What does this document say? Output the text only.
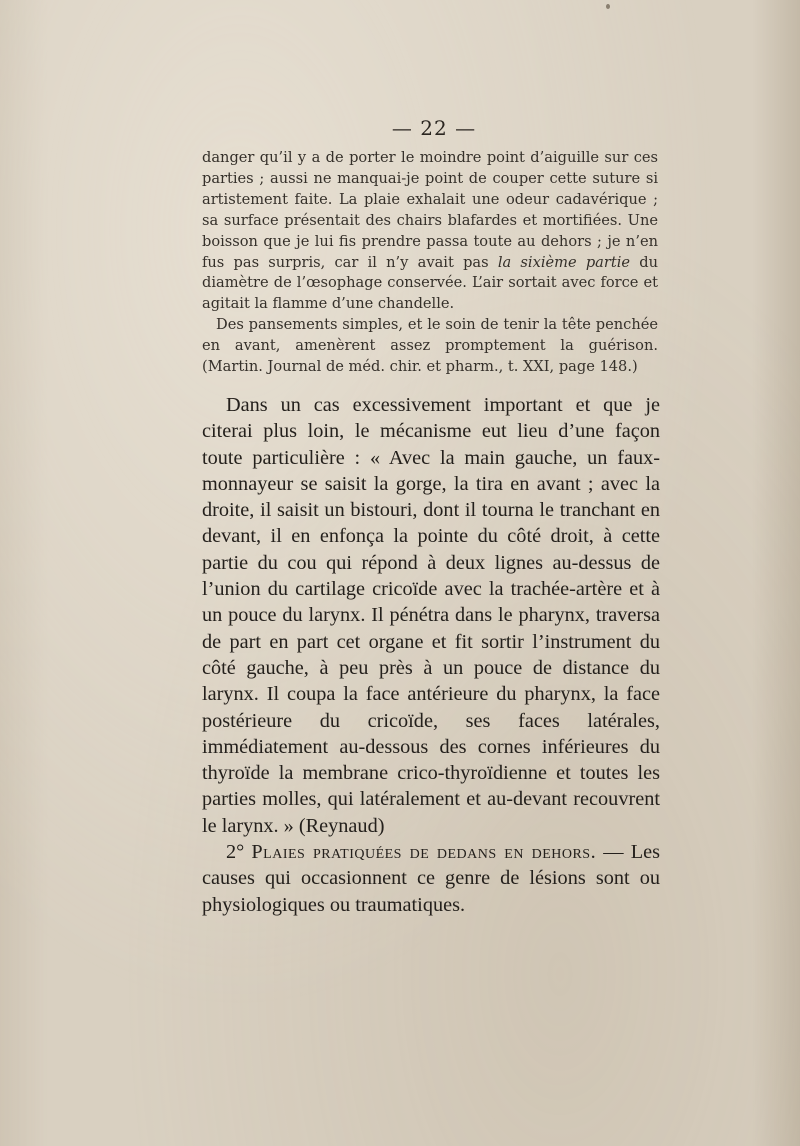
— 22 —

danger qu’il y a de porter le moindre point d’aiguille sur ces parties ; aussi ne manquai-je point de couper cette suture si artistement faite. La plaie exhalait une odeur cadavérique ; sa surface présentait des chairs blafardes et mortifiées. Une boisson que je lui fis prendre passa toute au dehors ; je n’en fus pas surpris, car il n’y avait pas la sixième partie du diamètre de l’œsophage conservée. L’air sortait avec force et agitait la flamme d’une chandelle.

Des pansements simples, et le soin de tenir la tête penchée en avant, amenèrent assez promptement la guérison. (Martin. Journal de méd. chir. et pharm., t. XXI, page 148.)

Dans un cas excessivement important et que je citerai plus loin, le mécanisme eut lieu d’une façon toute particulière : « Avec la main gauche, un faux-monnayeur se saisit la gorge, la tira en avant ; avec la droite, il saisit un bistouri, dont il tourna le tranchant en devant, il en enfonça la pointe du côté droit, à cette partie du cou qui répond à deux lignes au-dessus de l’union du cartilage cricoïde avec la trachée-artère et à un pouce du larynx. Il pénétra dans le pharynx, traversa de part en part cet organe et fit sortir l’instrument du côté gauche, à peu près à un pouce de distance du larynx. Il coupa la face antérieure du pharynx, la face postérieure du cricoïde, ses faces latérales, immédiatement au-dessous des cornes inférieures du thyroïde la membrane crico-thyroïdienne et toutes les parties molles, qui latéralement et au-devant recouvrent le larynx. » (Reynaud)

2° Plaies pratiquées de dedans en dehors. — Les causes qui occasionnent ce genre de lésions sont ou physiologiques ou traumatiques.
